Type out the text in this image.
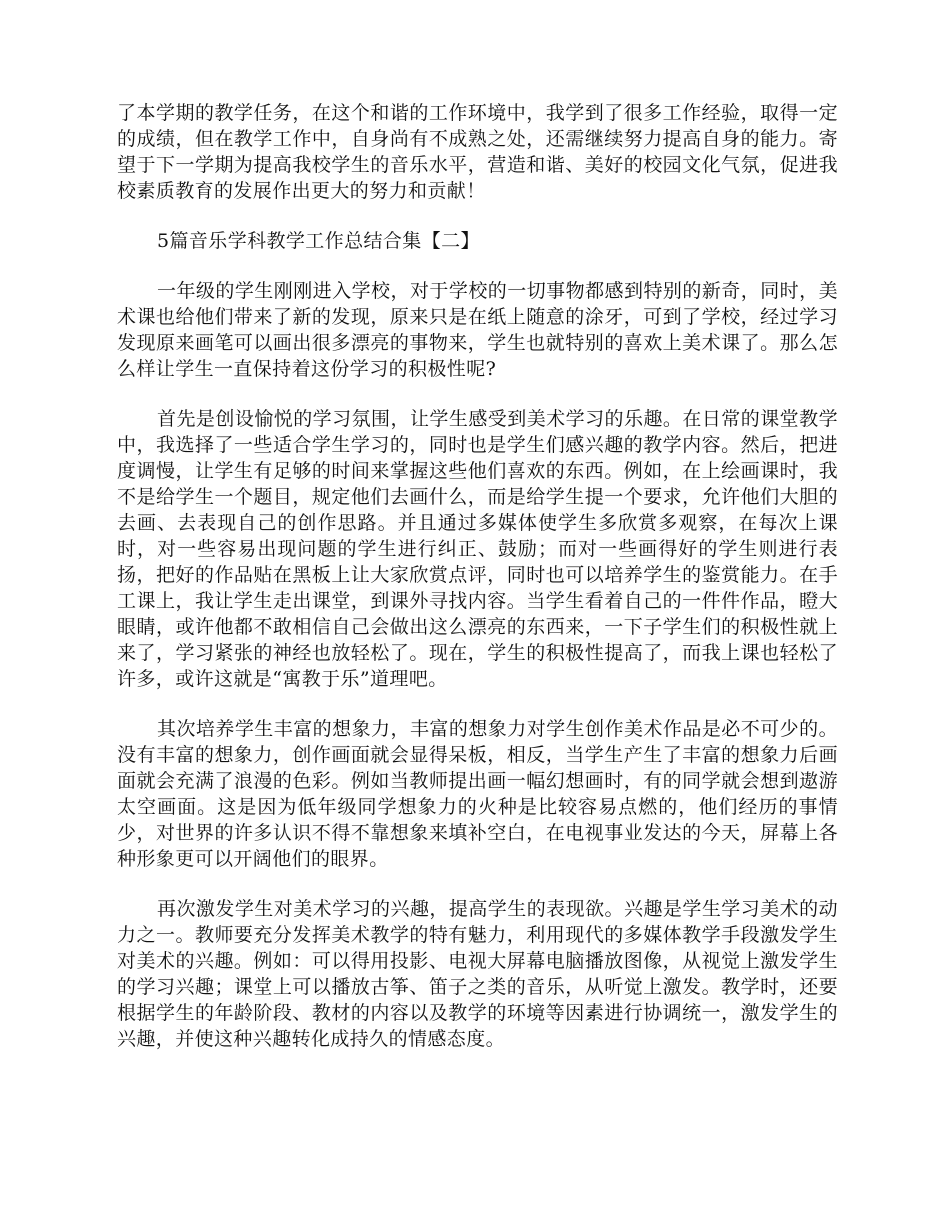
了本学期的教学任务，在这个和谐的工作环境中，我学到了很多工作经验，取得一定的成绩，但在教学工作中，自身尚有不成熟之处，还需继续努力提高自身的能力。寄望于下一学期为提高我校学生的音乐水平，营造和谐、美好的校园文化气氛，促进我校素质教育的发展作出更大的努力和贡献！

5篇音乐学科教学工作总结合集【二】

一年级的学生刚刚进入学校，对于学校的一切事物都感到特别的新奇，同时，美术课也给他们带来了新的发现，原来只是在纸上随意的涂牙，可到了学校，经过学习发现原来画笔可以画出很多漂亮的事物来，学生也就特别的喜欢上美术课了。那么怎么样让学生一直保持着这份学习的积极性呢?

首先是创设愉悦的学习氛围，让学生感受到美术学习的乐趣。在日常的课堂教学中，我选择了一些适合学生学习的，同时也是学生们感兴趣的教学内容。然后，把进度调慢，让学生有足够的时间来掌握这些他们喜欢的东西。例如，在上绘画课时，我不是给学生一个题目，规定他们去画什么，而是给学生提一个要求，允许他们大胆的去画、去表现自己的创作思路。并且通过多媒体使学生多欣赏多观察，在每次上课时，对一些容易出现问题的学生进行纠正、鼓励；而对一些画得好的学生则进行表扬，把好的作品贴在黑板上让大家欣赏点评，同时也可以培养学生的鉴赏能力。在手工课上，我让学生走出课堂，到课外寻找内容。当学生看着自己的一件件作品，瞪大眼睛，或许他都不敢相信自己会做出这么漂亮的东西来，一下子学生们的积极性就上来了，学习紧张的神经也放轻松了。现在，学生的积极性提高了，而我上课也轻松了许多，或许这就是“寓教于乐”道理吧。

其次培养学生丰富的想象力，丰富的想象力对学生创作美术作品是必不可少的。没有丰富的想象力，创作画面就会显得呆板，相反，当学生产生了丰富的想象力后画面就会充满了浪漫的色彩。例如当教师提出画一幅幻想画时，有的同学就会想到遨游太空画面。这是因为低年级同学想象力的火种是比较容易点燃的，他们经历的事情少，对世界的许多认识不得不靠想象来填补空白，在电视事业发达的今天，屏幕上各种形象更可以开阔他们的眼界。

再次激发学生对美术学习的兴趣，提高学生的表现欲。兴趣是学生学习美术的动力之一。教师要充分发挥美术教学的特有魅力，利用现代的多媒体教学手段激发学生对美术的兴趣。例如：可以得用投影、电视大屏幕电脑播放图像，从视觉上激发学生的学习兴趣；课堂上可以播放古筝、笛子之类的音乐，从听觉上激发。教学时，还要根据学生的年龄阶段、教材的内容以及教学的环境等因素进行协调统一，激发学生的兴趣，并使这种兴趣转化成持久的情感态度。
